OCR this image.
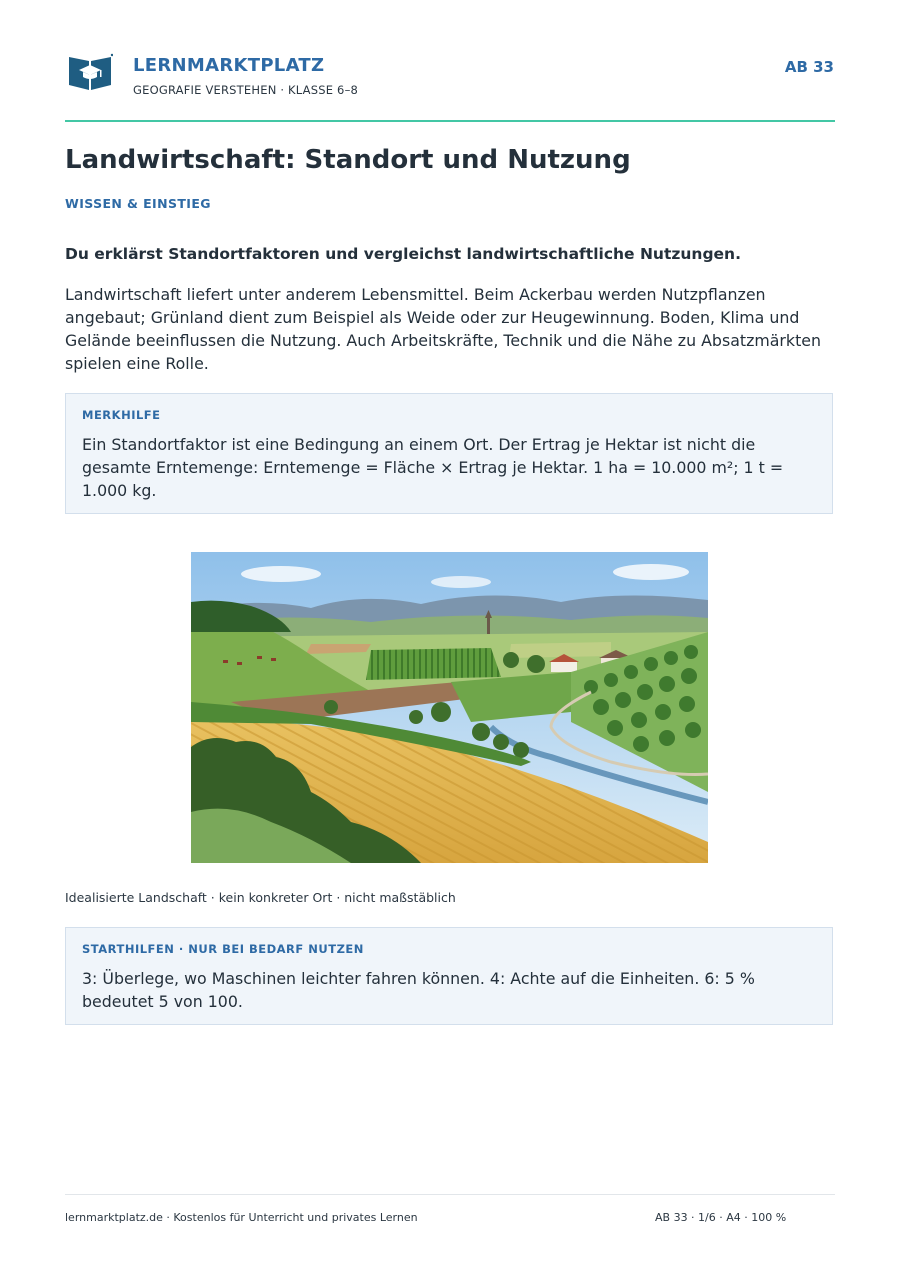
LERNMARKTPLATZ
GEOGRAFIE VERSTEHEN · KLASSE 6–8
AB 33
Landwirtschaft: Standort und Nutzung
WISSEN & EINSTIEG
Du erklärst Standortfaktoren und vergleichst landwirtschaftliche Nutzungen.

Landwirtschaft liefert unter anderem Lebensmittel. Beim Ackerbau werden Nutzpflanzen angebaut; Grünland dient zum Beispiel als Weide oder zur Heugewinnung. Boden, Klima und Gelände beeinflussen die Nutzung. Auch Arbeitskräfte, Technik und die Nähe zu Absatzmärkten spielen eine Rolle.

MERKHILFE

Ein Standortfaktor ist eine Bedingung an einem Ort. Der Ertrag je Hektar ist nicht die gesamte Erntemenge: Erntemenge = Fläche × Ertrag je Hektar. 1 ha = 10.000 m²; 1 t = 1.000 kg.

Idealisierte Landschaft · kein konkreter Ort · nicht maßstäblich
STARTHILFEN · NUR BEI BEDARF NUTZEN

3: Überlege, wo Maschinen leichter fahren können. 4: Achte auf die Einheiten. 6: 5 % bedeutet 5 von 100.

lernmarktplatz.de · Kostenlos für Unterricht und privates Lernen	AB 33 · 1/6 · A4 · 100 %
